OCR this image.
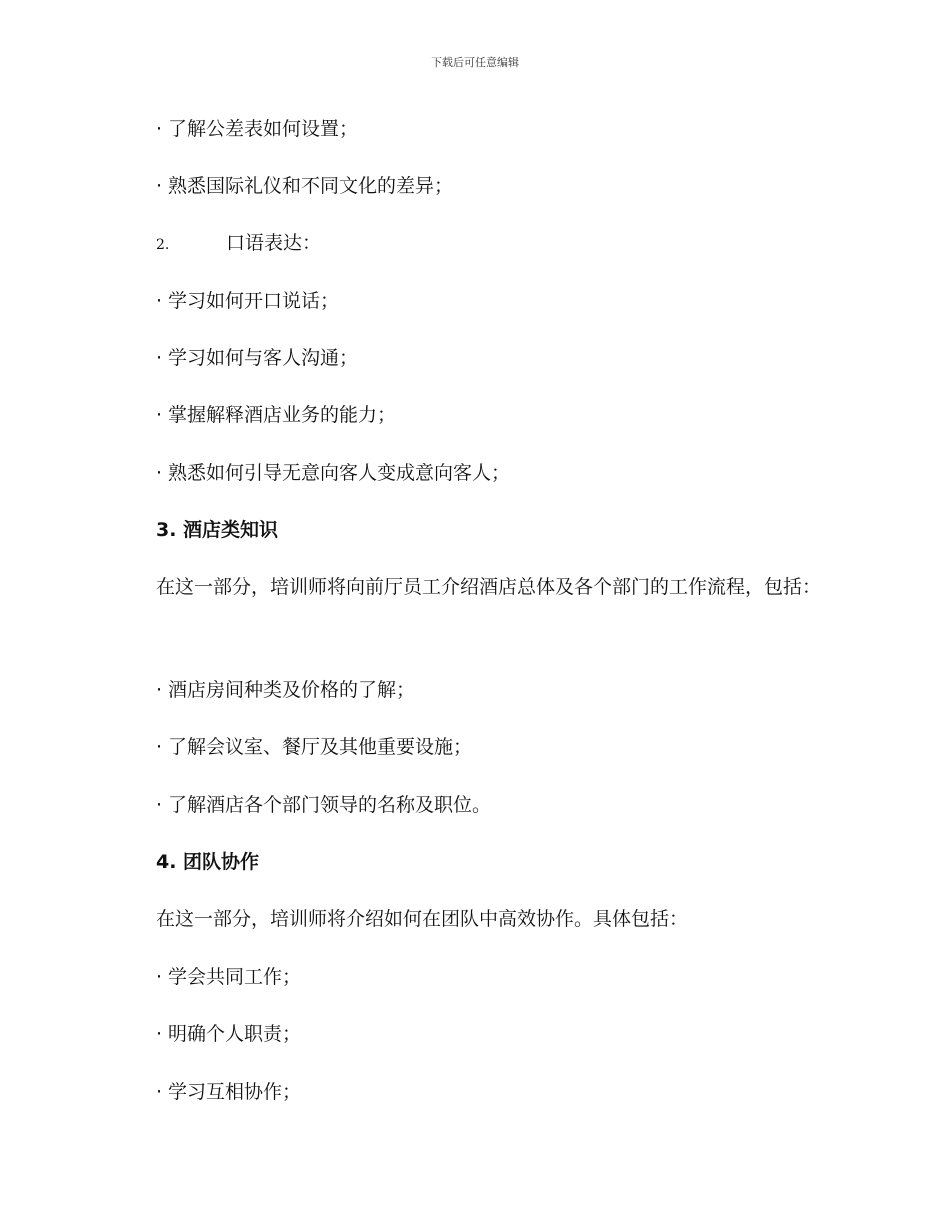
下载后可任意编辑
· 了解公差表如何设置；
· 熟悉国际礼仪和不同文化的差异；
2.	口语表达：
· 学习如何开口说话；
· 学习如何与客人沟通；
· 掌握解释酒店业务的能力；
· 熟悉如何引导无意向客人变成意向客人；
3. 酒店类知识
在这一部分，培训师将向前厅员工介绍酒店总体及各个部门的工作流程，包括：
· 酒店房间种类及价格的了解；
· 了解会议室、餐厅及其他重要设施；
· 了解酒店各个部门领导的名称及职位。
4. 团队协作
在这一部分，培训师将介绍如何在团队中高效协作。具体包括：
· 学会共同工作；
· 明确个人职责；
· 学习互相协作；
